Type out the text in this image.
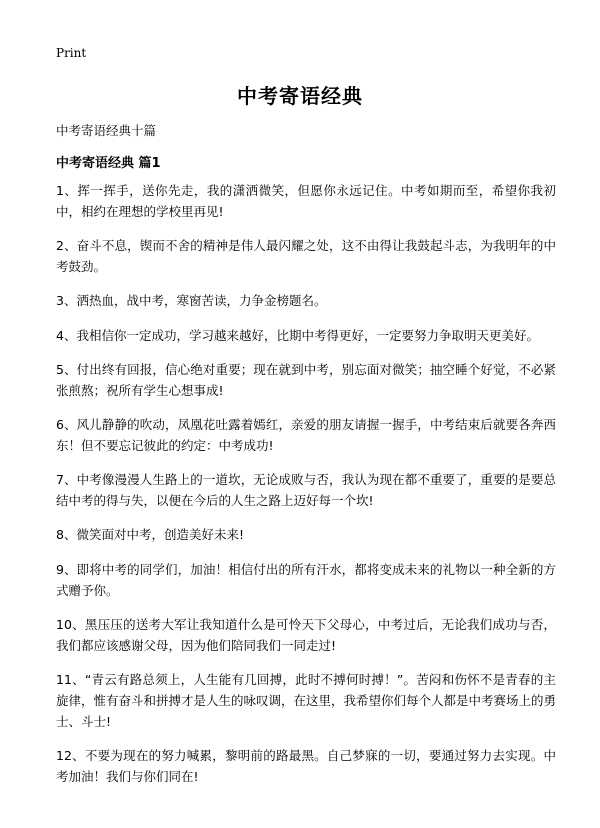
Print
中考寄语经典
中考寄语经典十篇
中考寄语经典 篇1

1、挥一挥手，送你先走，我的潇洒微笑，但愿你永远记住。中考如期而至，希望你我初中，相约在理想的学校里再见!

2、奋斗不息，锲而不舍的精神是伟人最闪耀之处，这不由得让我鼓起斗志，为我明年的中考鼓劲。

3、洒热血，战中考，寒窗苦读，力争金榜题名。

4、我相信你一定成功，学习越来越好，比期中考得更好，一定要努力争取明天更美好。

5、付出终有回报，信心绝对重要；现在就到中考，别忘面对微笑；抽空睡个好觉，不必紧张煎熬；祝所有学生心想事成!

6、风儿静静的吹动，凤凰花吐露着嫣红，亲爱的朋友请握一握手，中考结束后就要各奔西东！但不要忘记彼此的约定：中考成功!

7、中考像漫漫人生路上的一道坎，无论成败与否，我认为现在都不重要了，重要的是要总结中考的得与失，以便在今后的人生之路上迈好每一个坎!

8、微笑面对中考，创造美好未来!

9、即将中考的同学们，加油！相信付出的所有汗水，都将变成未来的礼物以一种全新的方式赠予你。

10、黑压压的送考大军让我知道什么是可怜天下父母心，中考过后，无论我们成功与否，我们都应该感谢父母，因为他们陪同我们一同走过!

11、“青云有路总须上，人生能有几回搏，此时不搏何时搏！”。苦闷和伤怀不是青春的主旋律，惟有奋斗和拼搏才是人生的咏叹调，在这里，我希望你们每个人都是中考赛场上的勇士、斗士!

12、不要为现在的努力喊累，黎明前的路最黑。自己梦寐的一切，要通过努力去实现。中考加油！我们与你们同在!
